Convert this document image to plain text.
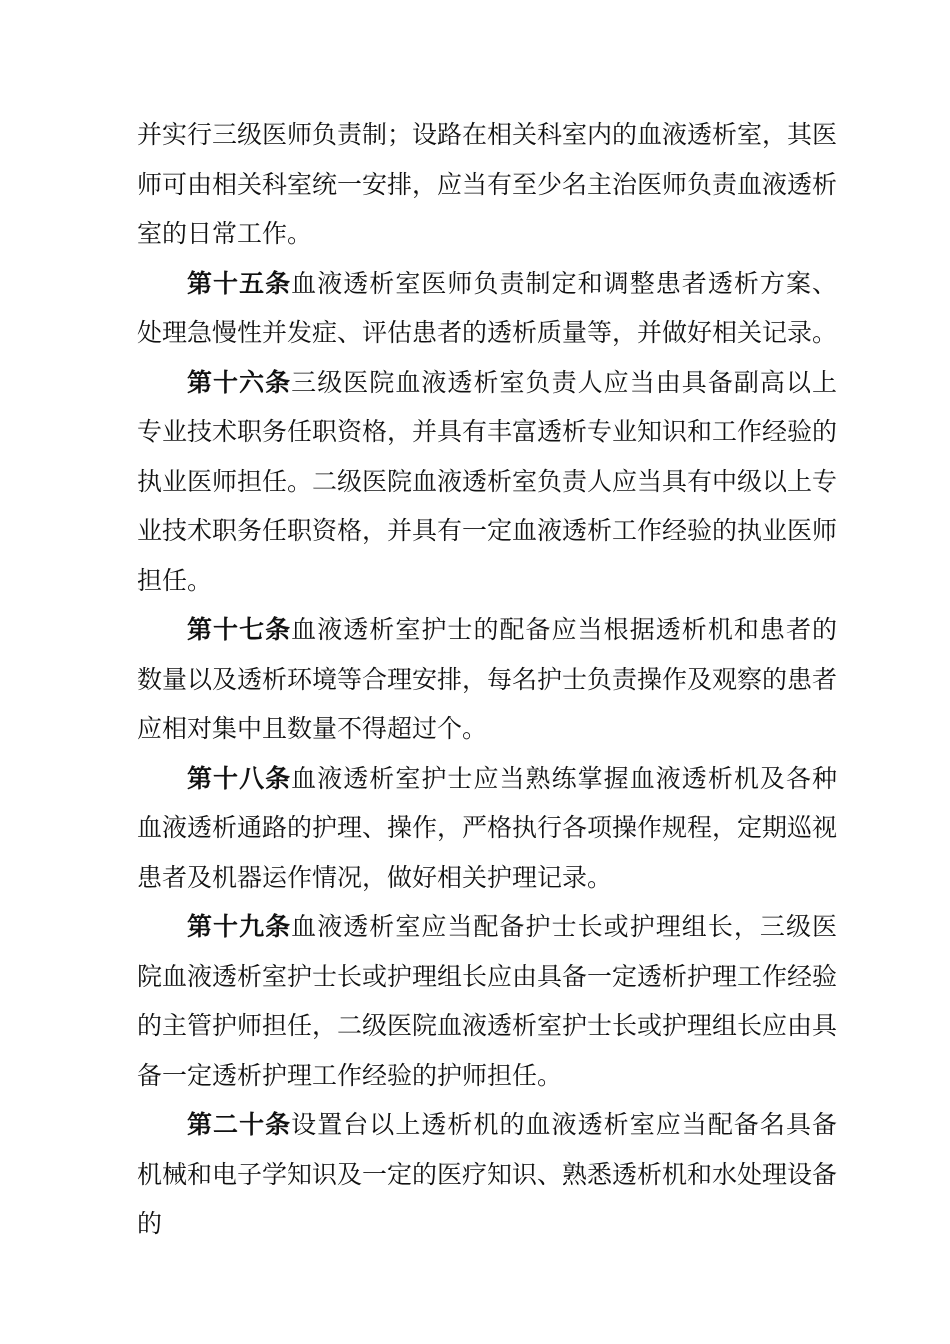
并实行三级医师负责制；设路在相关科室内的血液透析室，其医师可由相关科室统一安排，应当有至少名主治医师负责血液透析室的日常工作。

第十五条血液透析室医师负责制定和调整患者透析方案、处理急慢性并发症、评估患者的透析质量等，并做好相关记录。

第十六条三级医院血液透析室负责人应当由具备副高以上专业技术职务任职资格，并具有丰富透析专业知识和工作经验的执业医师担任。二级医院血液透析室负责人应当具有中级以上专业技术职务任职资格，并具有一定血液透析工作经验的执业医师担任。

第十七条血液透析室护士的配备应当根据透析机和患者的数量以及透析环境等合理安排，每名护士负责操作及观察的患者应相对集中且数量不得超过个。

第十八条血液透析室护士应当熟练掌握血液透析机及各种血液透析通路的护理、操作，严格执行各项操作规程，定期巡视患者及机器运作情况，做好相关护理记录。

第十九条血液透析室应当配备护士长或护理组长，三级医院血液透析室护士长或护理组长应由具备一定透析护理工作经验的主管护师担任，二级医院血液透析室护士长或护理组长应由具备一定透析护理工作经验的护师担任。

第二十条设置台以上透析机的血液透析室应当配备名具备机械和电子学知识及一定的医疗知识、熟悉透析机和水处理设备的
